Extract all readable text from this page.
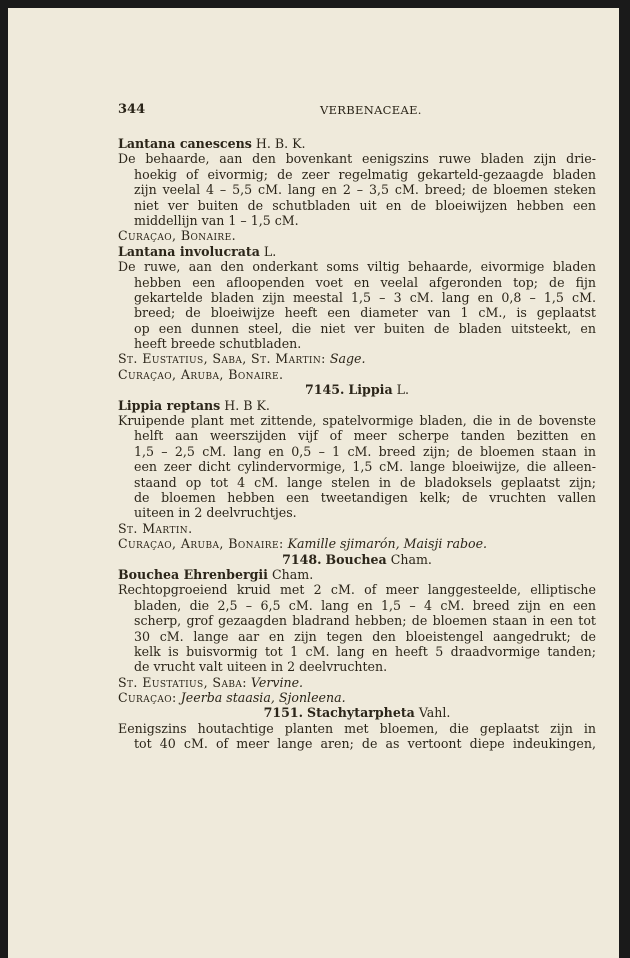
344	VERBENACEAE.
Lantana canescens H. B. K.
De behaarde, aan den bovenkant eenigszins ruwe bladen zijn drie-
hoekig of eivormig; de zeer regelmatig gekarteld-gezaagde bladen
zijn veelal 4 – 5,5 cM. lang en 2 – 3,5 cM. breed; de bloemen steken
niet ver buiten de schutbladen uit en de bloeiwijzen hebben een
middellijn van 1 – 1,5 cM.
Curaçao, Bonaire.
Lantana involucrata L.
De ruwe, aan den onderkant soms viltig behaarde, eivormige bladen
hebben een afloopenden voet en veelal afgeronden top; de fijn
gekartelde bladen zijn meestal 1,5 – 3 cM. lang en 0,8 – 1,5 cM.
breed; de bloeiwijze heeft een diameter van 1 cM., is geplaatst
op een dunnen steel, die niet ver buiten de bladen uitsteekt, en
heeft breede schutbladen.
St. Eustatius, Saba, St. Martin: Sage.
Curaçao, Aruba, Bonaire.
7145. Lippia L.
Lippia reptans H. B K.
Kruipende plant met zittende, spatelvormige bladen, die in de bovenste
helft aan weerszijden vijf of meer scherpe tanden bezitten en
1,5 – 2,5 cM. lang en 0,5 – 1 cM. breed zijn; de bloemen staan in
een zeer dicht cylindervormige, 1,5 cM. lange bloeiwijze, die alleen-
staand op tot 4 cM. lange stelen in de bladoksels geplaatst zijn;
de bloemen hebben een tweetandigen kelk; de vruchten vallen
uiteen in 2 deelvruchtjes.
St. Martin.
Curaçao, Aruba, Bonaire: Kamille sjimarón, Maisji raboe.
7148. Bouchea Cham.
Bouchea Ehrenbergii Cham.
Rechtopgroeiend kruid met 2 cM. of meer langgesteelde, elliptische
bladen, die 2,5 – 6,5 cM. lang en 1,5 – 4 cM. breed zijn en een
scherp, grof gezaagden bladrand hebben; de bloemen staan in een tot
30 cM. lange aar en zijn tegen den bloeistengel aangedrukt; de
kelk is buisvormig tot 1 cM. lang en heeft 5 draadvormige tanden;
de vrucht valt uiteen in 2 deelvruchten.
St. Eustatius, Saba: Vervine.
Curaçao: Jeerba staasia, Sjonleena.
7151. Stachytarpheta Vahl.
Eenigszins houtachtige planten met bloemen, die geplaatst zijn in
tot 40 cM. of meer lange aren; de as vertoont diepe indeukingen,
